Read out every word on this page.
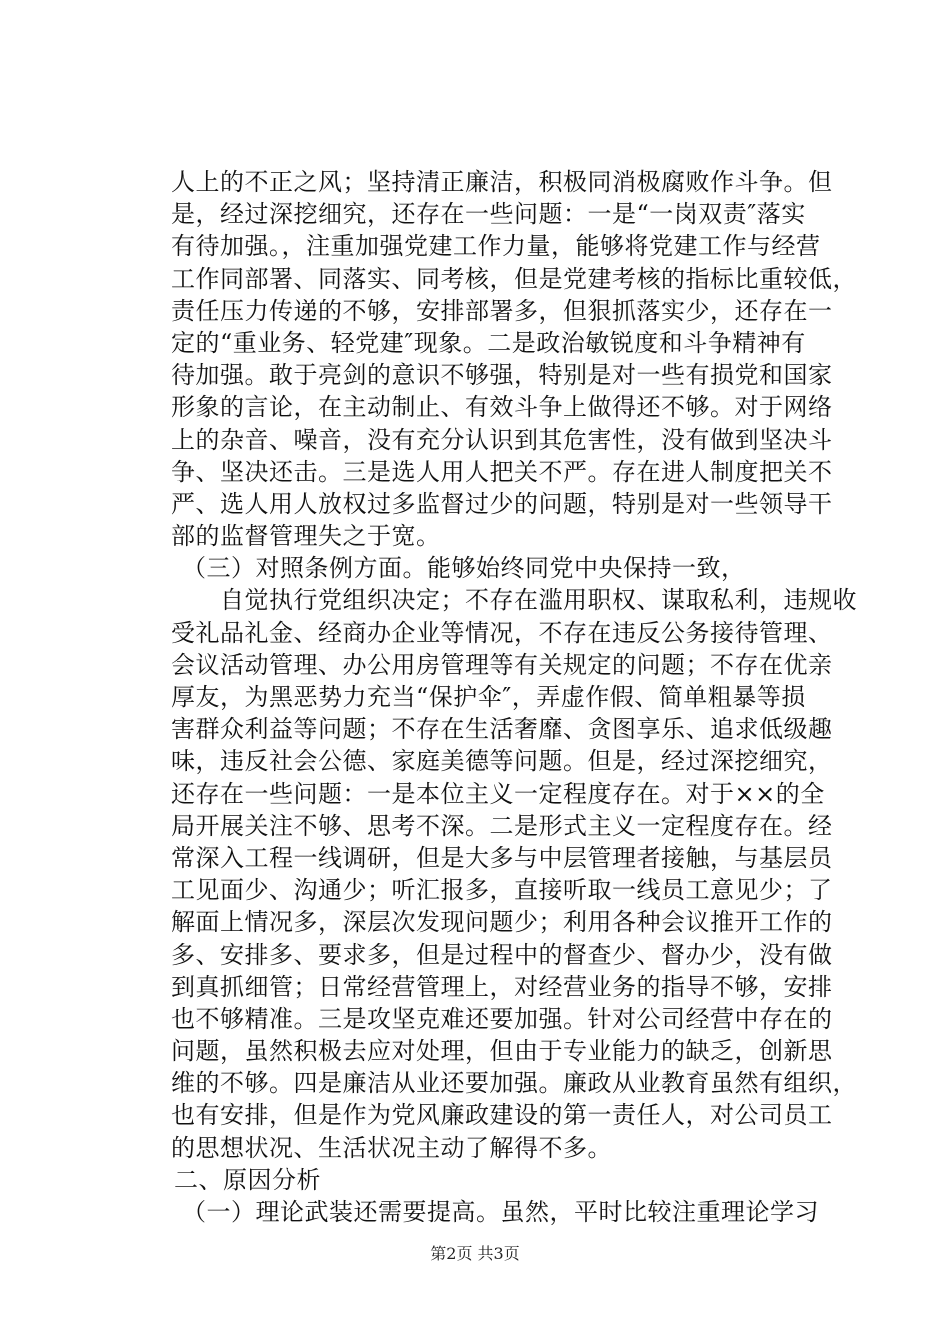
人上的不正之风；坚持清正廉洁，积极同消极腐败作斗争。但
是，经过深挖细究，还存在一些问题：一是“一岗双责″落实
有待加强。，注重加强党建工作力量，能够将党建工作与经营
工作同部署、同落实、同考核，但是党建考核的指标比重较低，
责任压力传递的不够，安排部署多，但狠抓落实少，还存在一
定的“重业务、轻党建″现象。二是政治敏锐度和斗争精神有
待加强。敢于亮剑的意识不够强，特别是对一些有损党和国家
形象的言论，在主动制止、有效斗争上做得还不够。对于网络
上的杂音、噪音，没有充分认识到其危害性，没有做到坚决斗
争、坚决还击。三是选人用人把关不严。存在进人制度把关不
严、选人用人放权过多监督过少的问题，特别是对一些领导干
部的监督管理失之于宽。
（三）对照条例方面。能够始终同党中央保持一致，
自觉执行党组织决定；不存在滥用职权、谋取私利，违规收
受礼品礼金、经商办企业等情况，不存在违反公务接待管理、
会议活动管理、办公用房管理等有关规定的问题；不存在优亲
厚友，为黑恶势力充当“保护伞″，弄虚作假、简单粗暴等损
害群众利益等问题；不存在生活奢靡、贪图享乐、追求低级趣
味，违反社会公德、家庭美德等问题。但是，经过深挖细究，
还存在一些问题：一是本位主义一定程度存在。对于××的全
局开展关注不够、思考不深。二是形式主义一定程度存在。经
常深入工程一线调研，但是大多与中层管理者接触，与基层员
工见面少、沟通少；听汇报多，直接听取一线员工意见少；了
解面上情况多，深层次发现问题少；利用各种会议推开工作的
多、安排多、要求多，但是过程中的督查少、督办少，没有做
到真抓细管；日常经营管理上，对经营业务的指导不够，安排
也不够精准。三是攻坚克难还要加强。针对公司经营中存在的
问题，虽然积极去应对处理，但由于专业能力的缺乏，创新思
维的不够。四是廉洁从业还要加强。廉政从业教育虽然有组织，
也有安排，但是作为党风廉政建设的第一责任人，对公司员工
的思想状况、生活状况主动了解得不多。
二、原因分析
（一）理论武装还需要提高。虽然，平时比较注重理论学习
第2页 共3页
